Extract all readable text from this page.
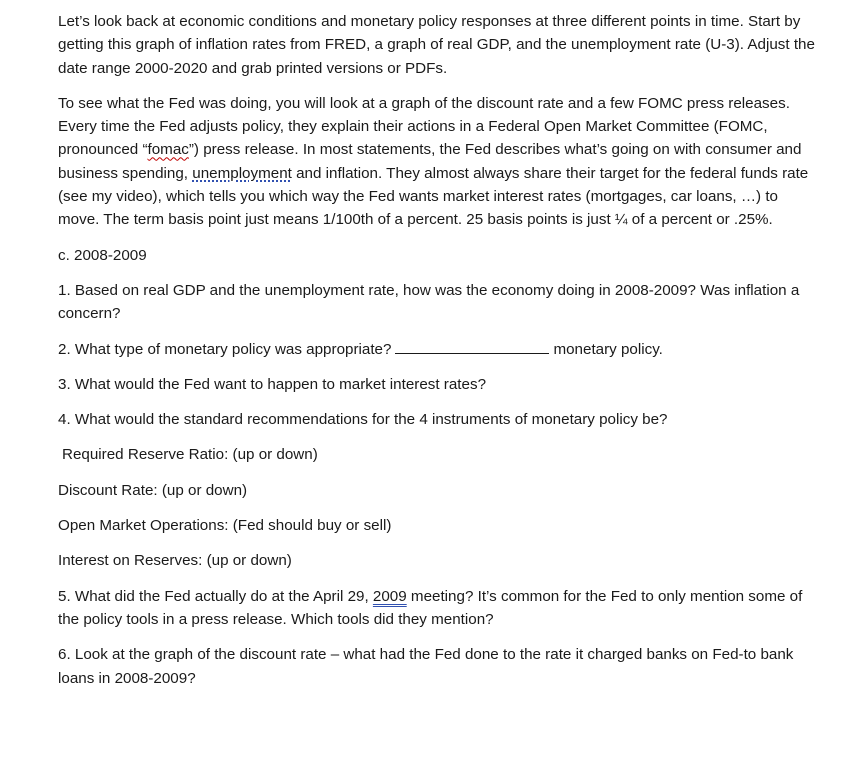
Let’s look back at economic conditions and monetary policy responses at three different points in time. Start by getting this graph of inflation rates from FRED, a graph of real GDP, and the unemployment rate (U-3). Adjust the date range 2000-2020 and grab printed versions or PDFs.

To see what the Fed was doing, you will look at a graph of the discount rate and a few FOMC press releases. Every time the Fed adjusts policy, they explain their actions in a Federal Open Market Committee (FOMC, pronounced “fomac”) press release. In most statements, the Fed describes what’s going on with consumer and business spending, unemployment and inflation. They almost always share their target for the federal funds rate (see my video), which tells you which way the Fed wants market interest rates (mortgages, car loans, …) to move. The term basis point just means 1/100th of a percent. 25 basis points is just ¼ of a percent or .25%.

c. 2008-2009

1. Based on real GDP and the unemployment rate, how was the economy doing in 2008-2009? Was inflation a concern?

2. What type of monetary policy was appropriate?	monetary policy.

3. What would the Fed want to happen to market interest rates?

4. What would the standard recommendations for the 4 instruments of monetary policy be?

Required Reserve Ratio: (up or down)

Discount Rate: (up or down)

Open Market Operations: (Fed should buy or sell)

Interest on Reserves: (up or down)

5. What did the Fed actually do at the April 29, 2009 meeting? It’s common for the Fed to only mention some of the policy tools in a press release. Which tools did they mention?

6. Look at the graph of the discount rate – what had the Fed done to the rate it charged banks on Fed-to bank loans in 2008-2009?
